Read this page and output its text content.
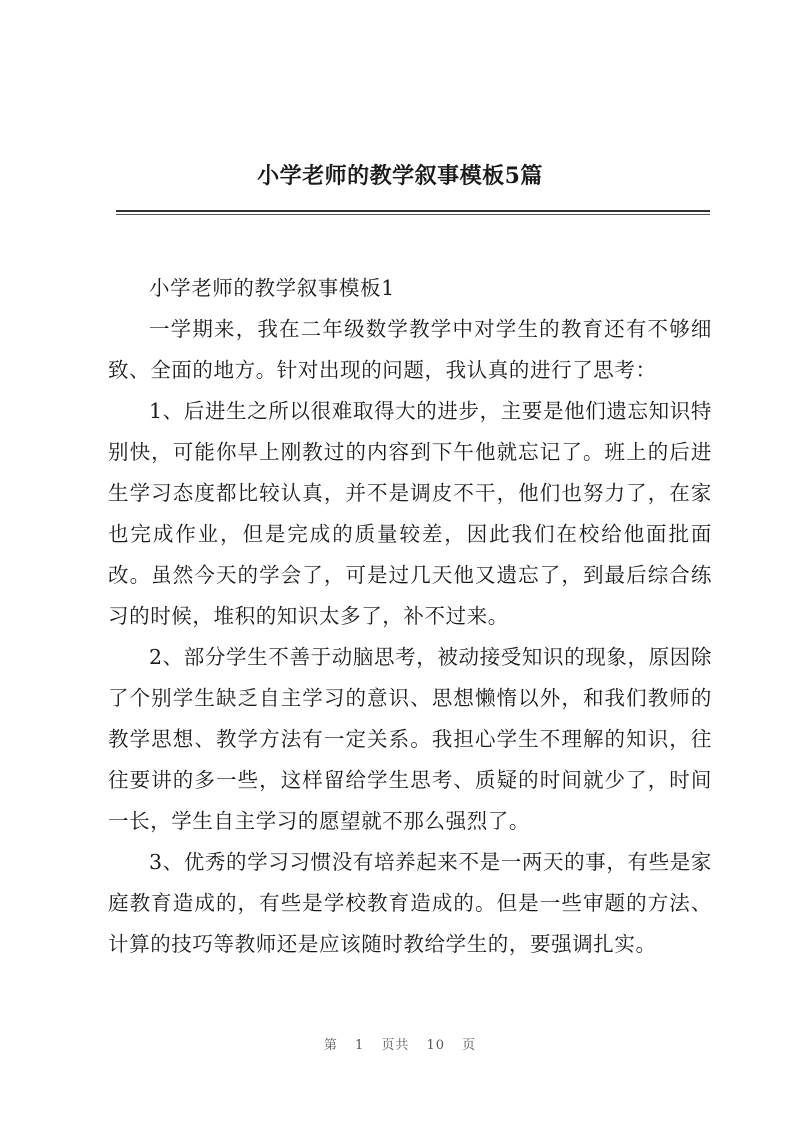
小学老师的教学叙事模板5篇

小学老师的教学叙事模板1

一学期来，我在二年级数学教学中对学生的教育还有不够细致、全面的地方。针对出现的问题，我认真的进行了思考：

1、后进生之所以很难取得大的进步，主要是他们遗忘知识特别快，可能你早上刚教过的内容到下午他就忘记了。班上的后进生学习态度都比较认真，并不是调皮不干，他们也努力了，在家也完成作业，但是完成的质量较差，因此我们在校给他面批面改。虽然今天的学会了，可是过几天他又遗忘了，到最后综合练习的时候，堆积的知识太多了，补不过来。

2、部分学生不善于动脑思考，被动接受知识的现象，原因除了个别学生缺乏自主学习的意识、思想懒惰以外，和我们教师的教学思想、教学方法有一定关系。我担心学生不理解的知识，往往要讲的多一些，这样留给学生思考、质疑的时间就少了，时间一长，学生自主学习的愿望就不那么强烈了。

3、优秀的学习习惯没有培养起来不是一两天的事，有些是家庭教育造成的，有些是学校教育造成的。但是一些审题的方法、计算的技巧等教师还是应该随时教给学生的，要强调扎实。

第 1 页共 10 页
